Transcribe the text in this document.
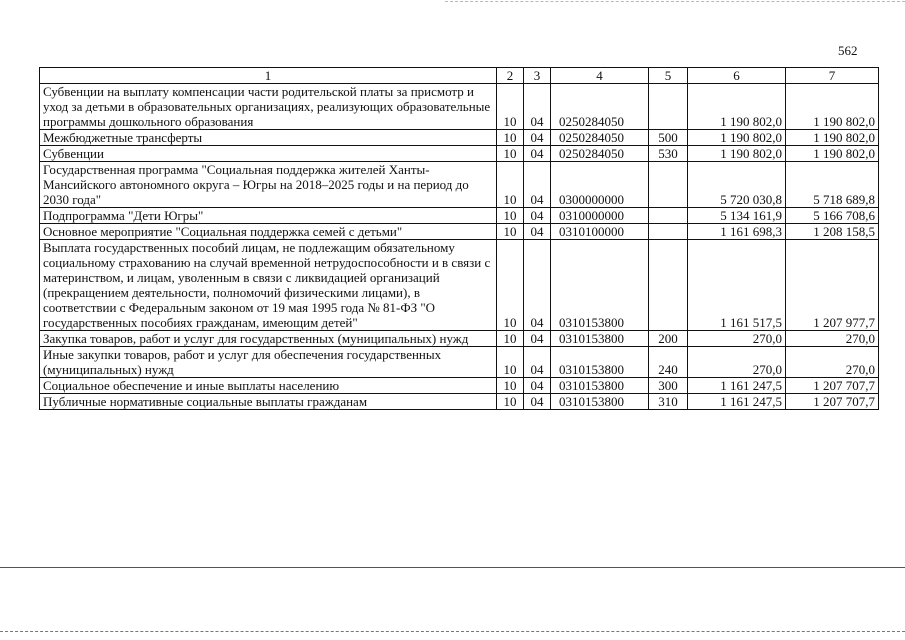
562
1	2	3	4	5	6	7
Субвенции на выплату компенсации части родительской платы за присмотр и уход за детьми в образовательных организациях, реализующих образовательные программы дошкольного образования	10	04	0250284050		1 190 802,0	1 190 802,0
Межбюджетные трансферты	10	04	0250284050	500	1 190 802,0	1 190 802,0
Субвенции	10	04	0250284050	530	1 190 802,0	1 190 802,0
Государственная программа "Социальная поддержка жителей Ханты-Мансийского автономного округа – Югры на 2018–2025 годы и на период до 2030 года"	10	04	0300000000		5 720 030,8	5 718 689,8
Подпрограмма "Дети Югры"	10	04	0310000000		5 134 161,9	5 166 708,6
Основное мероприятие "Социальная поддержка семей с детьми"	10	04	0310100000		1 161 698,3	1 208 158,5
Выплата государственных пособий лицам, не подлежащим обязательному социальному страхованию на случай временной нетрудоспособности и в связи с материнством, и лицам, уволенным в связи с ликвидацией организаций (прекращением деятельности, полномочий физическими лицами), в соответствии с Федеральным законом от 19 мая 1995 года № 81-ФЗ "О государственных пособиях гражданам, имеющим детей"	10	04	0310153800		1 161 517,5	1 207 977,7
Закупка товаров, работ и услуг для государственных (муниципальных) нужд	10	04	0310153800	200	270,0	270,0
Иные закупки товаров, работ и услуг для обеспечения государственных (муниципальных) нужд	10	04	0310153800	240	270,0	270,0
Социальное обеспечение и иные выплаты населению	10	04	0310153800	300	1 161 247,5	1 207 707,7
Публичные нормативные социальные выплаты гражданам	10	04	0310153800	310	1 161 247,5	1 207 707,7
